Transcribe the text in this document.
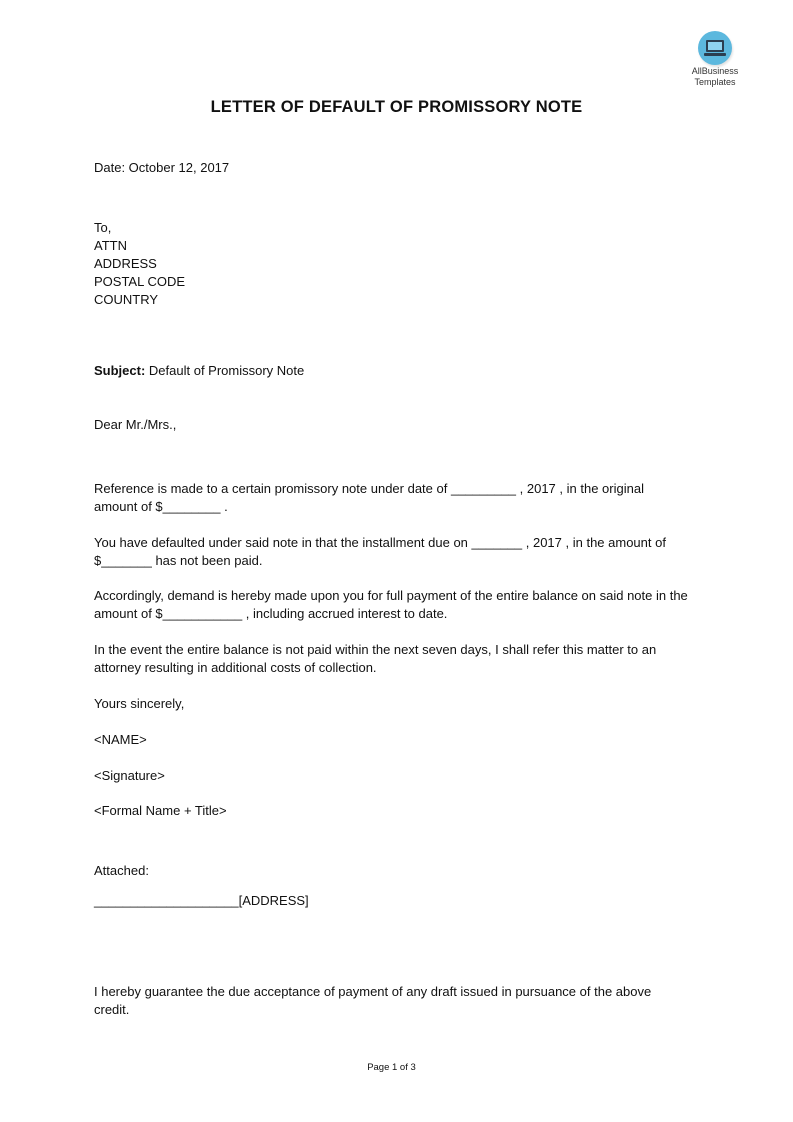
AllBusiness
Templates
LETTER OF DEFAULT OF PROMISSORY NOTE
Date: October 12, 2017
To,
ATTN
ADDRESS
POSTAL CODE
COUNTRY
Subject: Default of Promissory Note
Dear Mr./Mrs.,
Reference is made to a certain promissory note under date of _________ , 2017 , in the original amount of $________ .
You have defaulted under said note in that the installment due on _______ , 2017 , in the amount of $_______ has not been paid.
Accordingly, demand is hereby made upon you for full payment of the entire balance on said note in the amount of $___________ , including accrued interest to date.
In the event the entire balance is not paid within the next seven days, I shall refer this matter to an attorney resulting in additional costs of collection.
Yours sincerely,
<NAME>
<Signature>
<Formal Name + Title>
Attached:
____________________[ADDRESS]
I hereby guarantee the due acceptance of payment of any draft issued in pursuance of the above credit.
Page 1 of 3
